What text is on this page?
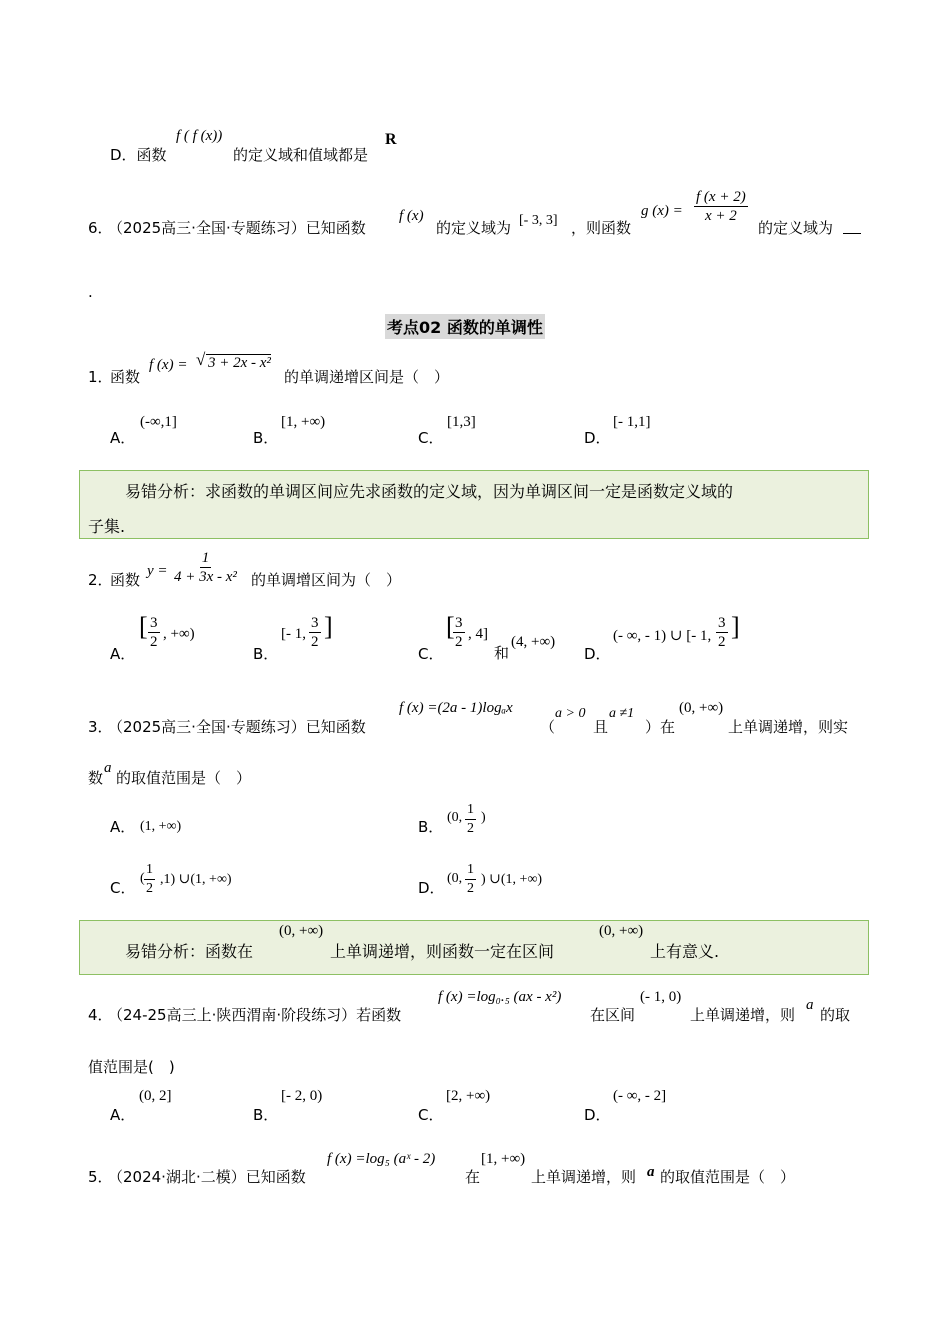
D．函数
f ( f (x))
的定义域和值域都是
R
6．
（2025高三·全国·专题练习）已知函数
f (x)
的定义域为 [- 3, 3] ，则函数
g $(x) = \frac{f (x + 2)}{x + 2}$
的定义域为
.
考点02 函数的单调性
1．
函数
f (x) = √ 3 + 2x - x²
的单调递增区间是（　）
A．
(-∞,1]
B．
[1, +∞)
C．
[1,3]
D．
[- 1,1]
易错分析：求函数的单调区间应先求函数的定义域，因为单调区间一定是函数定义域的
子集.
2．
函数 $y = \frac{1}{\text{4 + 3x - x²}}$ 的单调增区间为（　）
A．
[ $\frac{3}{2}$ , +∞)
B．
[- 1, $\frac{3}{2}$ ]
C．
[
$\frac{3}{2}$ , 4]
和
(4, +∞)
D．
(- ∞, - 1) ∪ [- 1, $\frac{3}{2}$ ]
3．
（2025高三·全国·专题练习）已知函数
f (x) =(2a - 1)logₐx
（
a > 0
且
a ≠1
）在
(0, +∞)
上单调递增，则实
数
a
的取值范围是（　）
A． (1, +∞)	B．
(0, $\frac{1}{2}$ )
C．
( $\frac{1}{2} ,1$) ∪(1, +∞)	D．
(0, $\frac{1}{2}$ ) ∪(1, +∞)
易错分析：函数在
(0, +∞)
上单调递增，则函数一定在区间
(0, +∞)
上有意义.
4．
（24-25高三上·陕西渭南·阶段练习）若函数
f (x) =log₀.₅ (ax - x²)
在区间
(- 1, 0)
上单调递增，则
a
的取
值范围是(　)
A．
(0, 2]
B．
[- 2, 0)
C．
[2, +∞)
D．
(- ∞, - 2]
5．
（2024·湖北·二模）已知函数
f (x) =log₅ (aˣ - 2)
在
[1, +∞)
上单调递增，则 a 的取值范围是（　）
